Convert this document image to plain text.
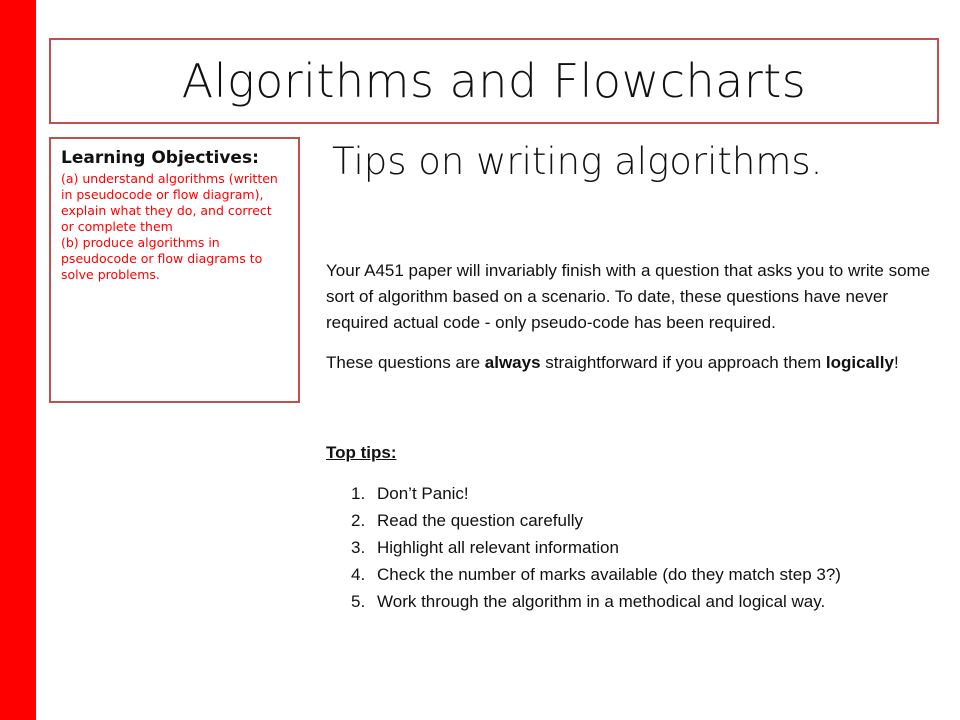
Algorithms and Flowcharts
Learning Objectives:

(a) understand algorithms (written in pseudocode or flow diagram), explain what they do, and correct or complete them

(b) produce algorithms in pseudocode or flow diagrams to solve problems.

Tips on writing algorithms.

Your A451 paper will invariably finish with a question that asks you to write some sort of algorithm based on a scenario. To date, these questions have never required actual code - only pseudo-code has been required.

These questions are always straightforward if you approach them logically!

Top tips:
1. Don’t Panic!
2. Read the question carefully
3. Highlight all relevant information
4. Check the number of marks available (do they match step 3?)
5. Work through the algorithm in a methodical and logical way.
